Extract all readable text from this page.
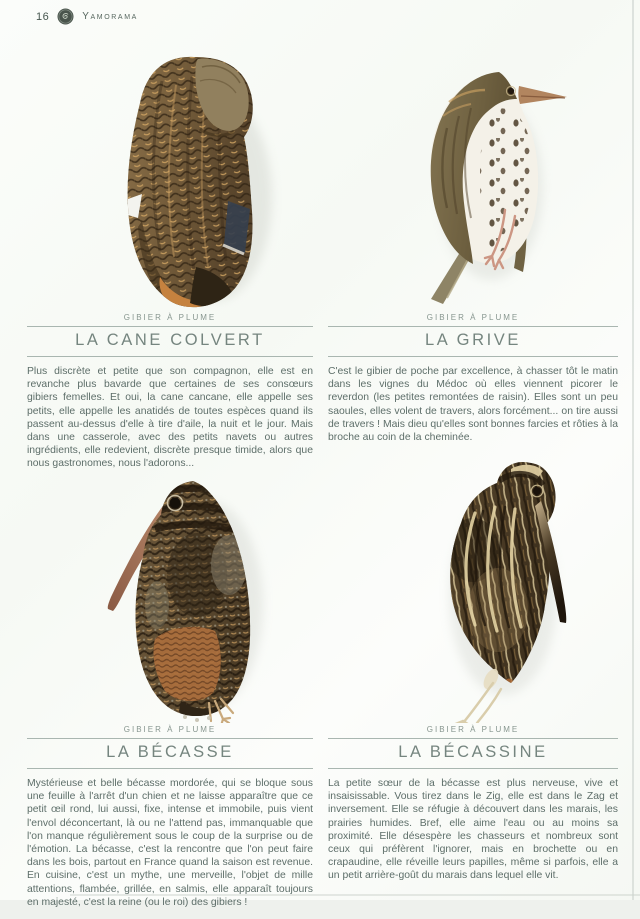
16	Yamorama
GIBIER À PLUME
LA CANE COLVERT

Plus discrète et petite que son compagnon, elle est en revanche plus bavarde que certaines de ses consœurs gibiers femelles. Et oui, la cane cancane, elle appelle ses petits, elle appelle les anatidés de toutes espèces quand ils passent au-dessus d'elle à tire d'aile, la nuit et le jour. Mais dans une casserole, avec des petits navets ou autres ingrédients, elle redevient, discrète presque timide, alors que nous gastronomes, nous l'adorons...

GIBIER À PLUME
LA GRIVE

C'est le gibier de poche par excellence, à chasser tôt le matin dans les vignes du Médoc où elles viennent picorer le reverdon (les petites remontées de raisin). Elles sont un peu saoules, elles volent de travers, alors forcément... on tire aussi de travers ! Mais dieu qu'elles sont bonnes farcies et rôties à la broche au coin de la cheminée.

GIBIER À PLUME
LA BÉCASSE

Mystérieuse et belle bécasse mordorée, qui se bloque sous une feuille à l'arrêt d'un chien et ne laisse apparaître que ce petit œil rond, lui aussi, fixe, intense et immobile, puis vient l'envol déconcertant, là ou ne l'attend pas, immanquable que l'on manque régulièrement sous le coup de la surprise ou de l'émotion. La bécasse, c'est la rencontre que l'on peut faire dans les bois, partout en France quand la saison est revenue. En cuisine, c'est un mythe, une merveille, l'objet de mille attentions, flambée, grillée, en salmis, elle apparaît toujours en majesté, c'est la reine (ou le roi) des gibiers !

GIBIER À PLUME
LA BÉCASSINE

La petite sœur de la bécasse est plus nerveuse, vive et insaisissable. Vous tirez dans le Zig, elle est dans le Zag et inversement. Elle se réfugie à découvert dans les marais, les prairies humides. Bref, elle aime l'eau ou au moins sa proximité. Elle désespère les chasseurs et nombreux sont ceux qui préfèrent l'ignorer, mais en brochette ou en crapaudine, elle réveille leurs papilles, même si parfois, elle a un petit arrière-goût du marais dans lequel elle vit.
